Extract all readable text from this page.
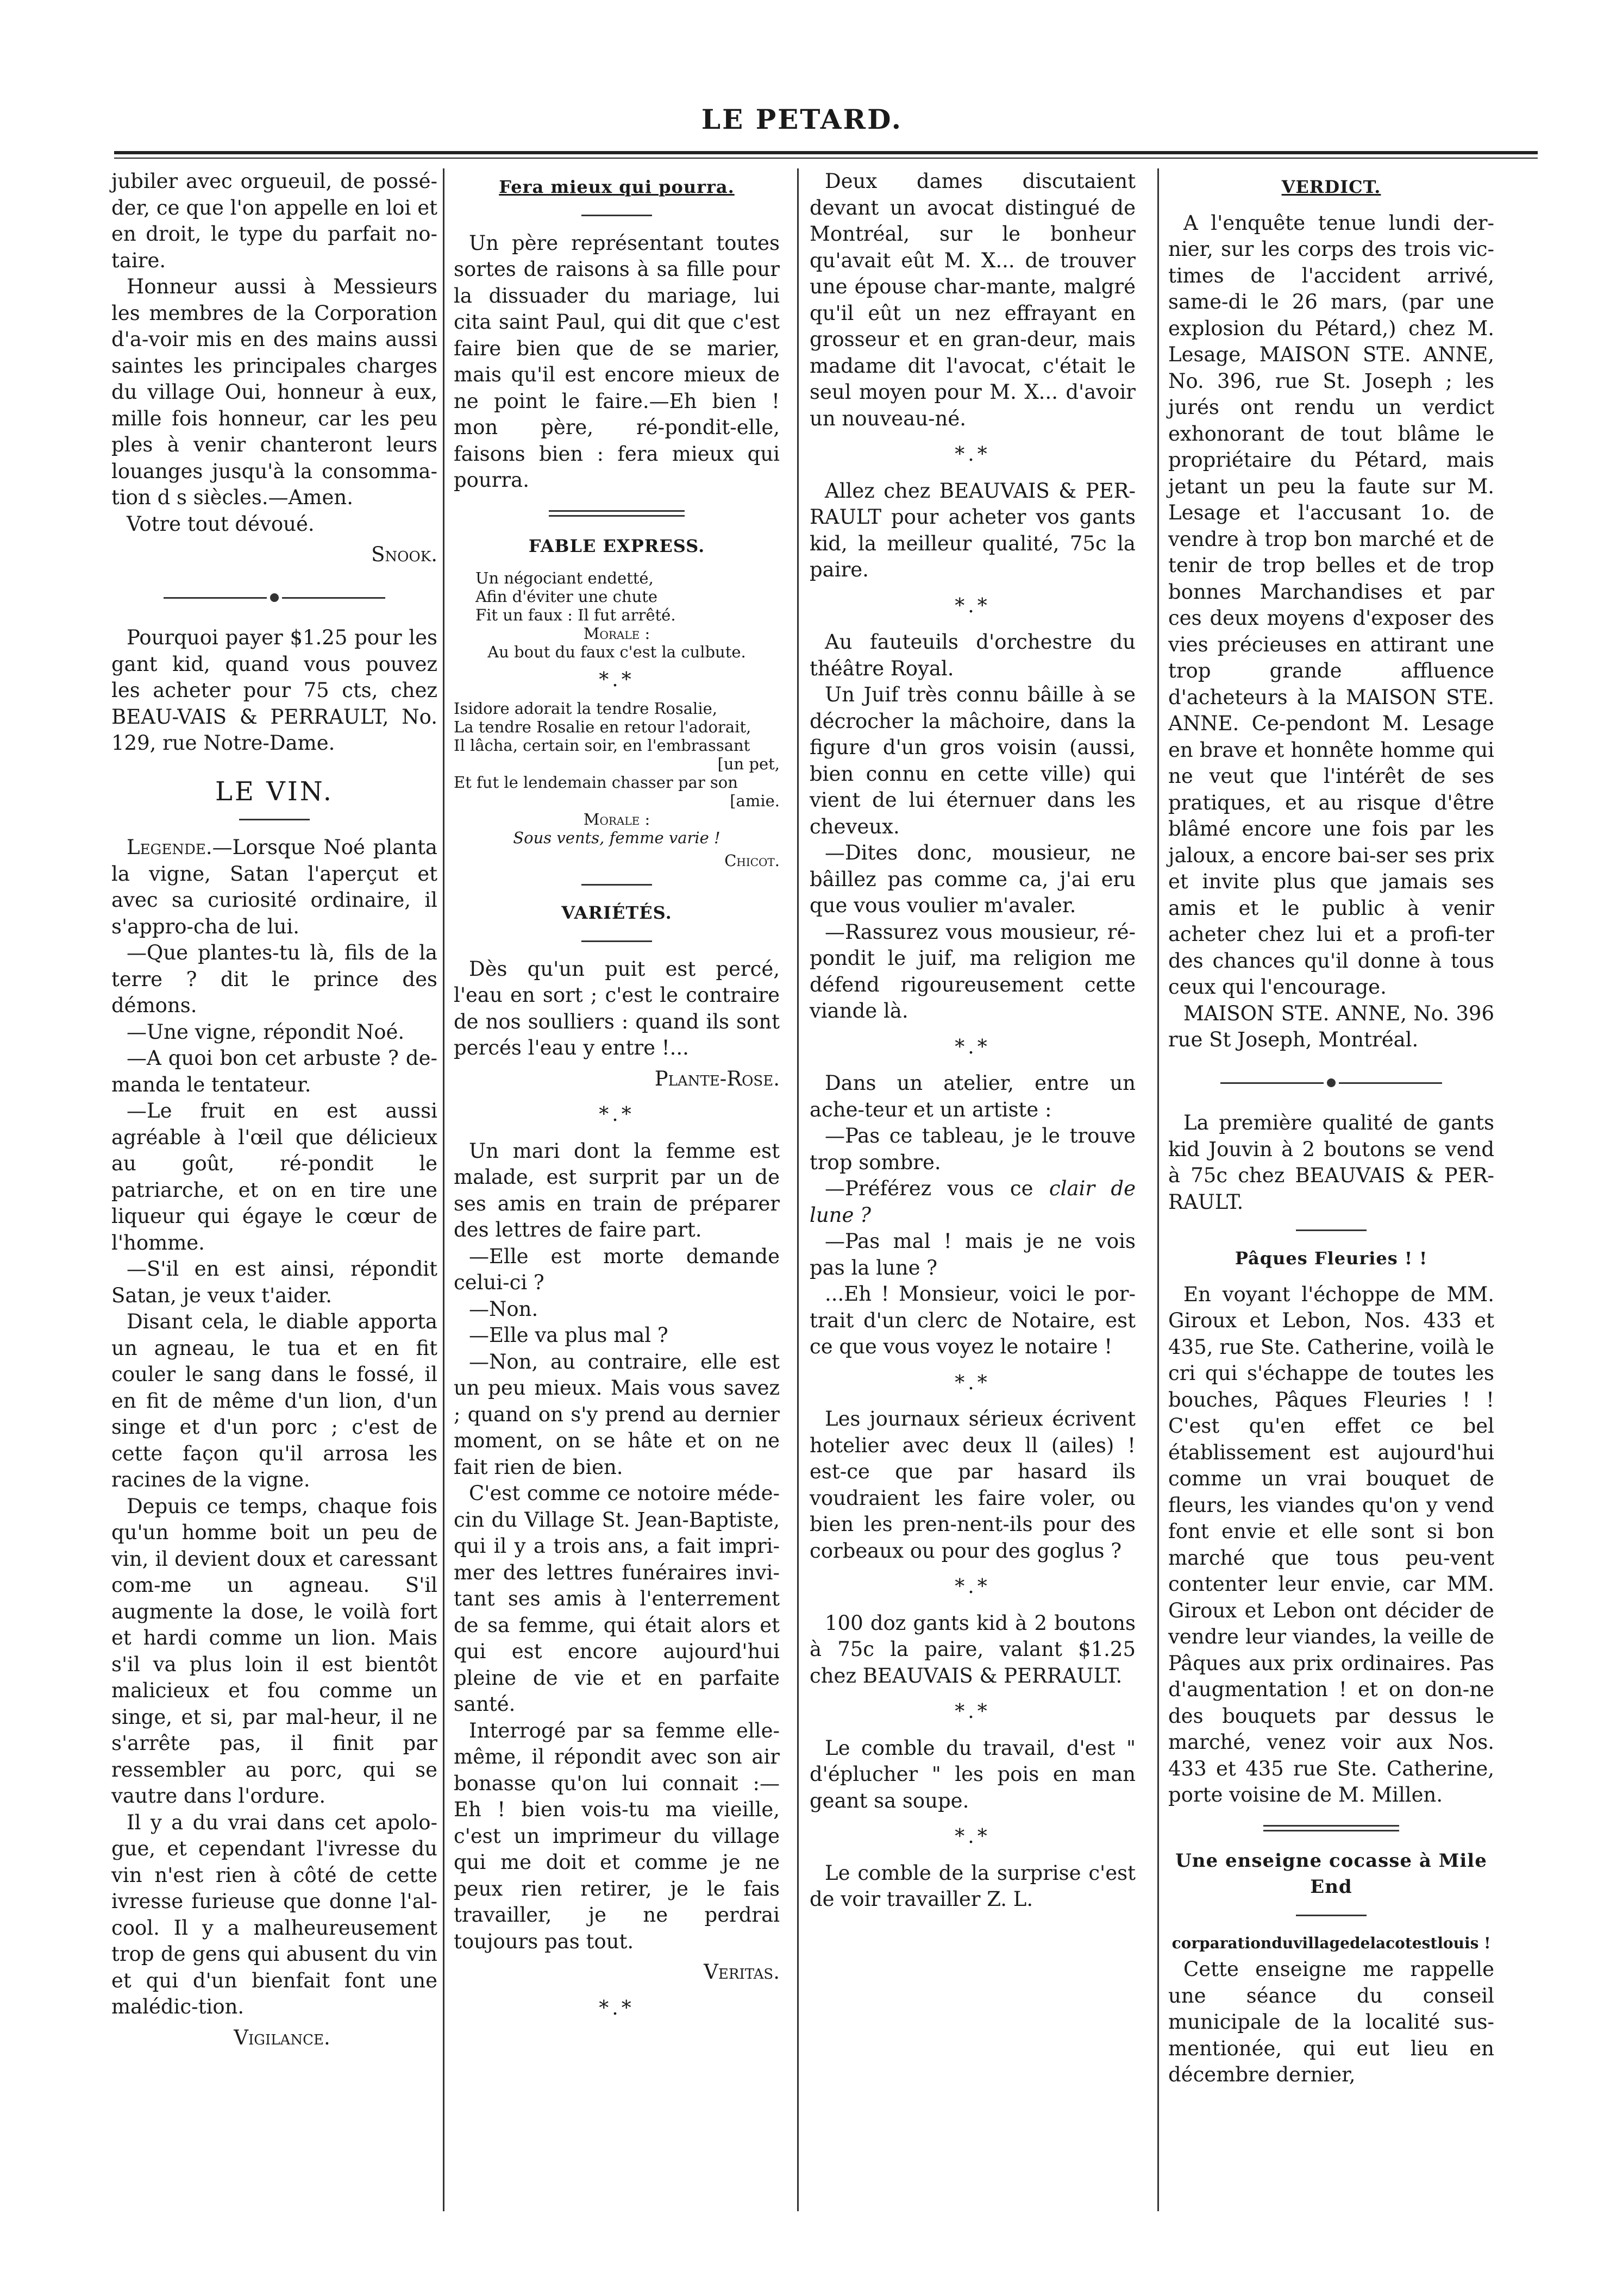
LE PETARD.

jubiler avec orgueuil, de possé-der, ce que l'on appelle en loi et en droit, le type du parfait no-taire.

Honneur aussi à Messieurs les membres de la Corporation d'a-voir mis en des mains aussi saintes les principales charges du village Oui, honneur à eux, mille fois honneur, car les peu ples à venir chanteront leurs louanges jusqu'à la consomma-tion d s siècles.—Amen.

Votre tout dévoué.

Snook.

Pourquoi payer $1.25 pour les gant kid, quand vous pouvez les acheter pour 75 cts, chez BEAU-VAIS & PERRAULT, No. 129, rue Notre-Dame.

LE VIN.

Legende.—Lorsque Noé planta la vigne, Satan l'aperçut et avec sa curiosité ordinaire, il s'appro-cha de lui.

—Que plantes-tu là, fils de la terre ? dit le prince des démons.

—Une vigne, répondit Noé.

—A quoi bon cet arbuste ? de-manda le tentateur.

—Le fruit en est aussi agréable à l'œil que délicieux au goût, ré-pondit le patriarche, et on en tire une liqueur qui égaye le cœur de l'homme.

—S'il en est ainsi, répondit Satan, je veux t'aider.

Disant cela, le diable apporta un agneau, le tua et en fit couler le sang dans le fossé, il en fit de même d'un lion, d'un singe et d'un porc ; c'est de cette façon qu'il arrosa les racines de la vigne.

Depuis ce temps, chaque fois qu'un homme boit un peu de vin, il devient doux et caressant com-me un agneau. S'il augmente la dose, le voilà fort et hardi comme un lion. Mais s'il va plus loin il est bientôt malicieux et fou comme un singe, et si, par mal-heur, il ne s'arrête pas, il finit par ressembler au porc, qui se vautre dans l'ordure.

Il y a du vrai dans cet apolo-gue, et cependant l'ivresse du vin n'est rien à côté de cette ivresse furieuse que donne l'al-cool. Il y a malheureusement trop de gens qui abusent du vin et qui d'un bienfait font une malédic-tion.

Vigilance.

Fera mieux qui pourra.

Un père représentant toutes sortes de raisons à sa fille pour la dissuader du mariage, lui cita saint Paul, qui dit que c'est faire bien que de se marier, mais qu'il est encore mieux de ne point le faire.—Eh bien ! mon père, ré-pondit-elle, faisons bien : fera mieux qui pourra.

FABLE EXPRESS.

Un négociant endetté,

Afin d'éviter une chute

Fit un faux : Il fut arrêté.

Morale :

Au bout du faux c'est la culbute.

*.*

Isidore adorait la tendre Rosalie,

La tendre Rosalie en retour l'adorait,

Il lâcha, certain soir, en l'embrassant

[un pet,

Et fut le lendemain chasser par son

[amie.

Morale :

Sous vents, femme varie !

Chicot.

VARIÉTÉS.

Dès qu'un puit est percé, l'eau en sort ; c'est le contraire de nos soulliers : quand ils sont percés l'eau y entre !...

Plante-Rose.

*.*

Un mari dont la femme est malade, est surprit par un de ses amis en train de préparer des lettres de faire part.

—Elle est morte demande celui-ci ?

—Non.

—Elle va plus mal ?

—Non, au contraire, elle est un peu mieux. Mais vous savez ; quand on s'y prend au dernier moment, on se hâte et on ne fait rien de bien.

C'est comme ce notoire méde-cin du Village St. Jean-Baptiste, qui il y a trois ans, a fait impri-mer des lettres funéraires invi-tant ses amis à l'enterrement de sa femme, qui était alors et qui est encore aujourd'hui pleine de vie et en parfaite santé.

Interrogé par sa femme elle-même, il répondit avec son air bonasse qu'on lui connait :— Eh ! bien vois-tu ma vieille, c'est un imprimeur du village qui me doit et comme je ne peux rien retirer, je le fais travailler, je ne perdrai toujours pas tout.

Veritas.

*.*

Deux dames discutaient devant un avocat distingué de Montréal, sur le bonheur qu'avait eût M. X... de trouver une épouse char-mante, malgré qu'il eût un nez effrayant en grosseur et en gran-deur, mais madame dit l'avocat, c'était le seul moyen pour M. X... d'avoir un nouveau-né.

*.*

Allez chez BEAUVAIS & PER-RAULT pour acheter vos gants kid, la meilleur qualité, 75c la paire.

*.*

Au fauteuils d'orchestre du théâtre Royal.

Un Juif très connu bâille à se décrocher la mâchoire, dans la figure d'un gros voisin (aussi, bien connu en cette ville) qui vient de lui éternuer dans les cheveux.

—Dites donc, mousieur, ne bâillez pas comme ca, j'ai eru que vous voulier m'avaler.

—Rassurez vous mousieur, ré-pondit le juif, ma religion me défend rigoureusement cette viande là.

*.*

Dans un atelier, entre un ache-teur et un artiste :

—Pas ce tableau, je le trouve trop sombre.

—Préférez vous ce clair de lune ?

—Pas mal ! mais je ne vois pas la lune ?

...Eh ! Monsieur, voici le por-trait d'un clerc de Notaire, est ce que vous voyez le notaire !

*.*

Les journaux sérieux écrivent hotelier avec deux ll (ailes) ! est-ce que par hasard ils voudraient les faire voler, ou bien les pren-nent-ils pour des corbeaux ou pour des goglus ?

*.*

100 doz gants kid à 2 boutons à 75c la paire, valant $1.25 chez BEAUVAIS & PERRAULT.

*.*

Le comble du travail, d'est " d'éplucher " les pois en man geant sa soupe.

*.*

Le comble de la surprise c'est de voir travailler Z. L.

VERDICT.

A l'enquête tenue lundi der-nier, sur les corps des trois vic-times de l'accident arrivé, same-di le 26 mars, (par une explosion du Pétard,) chez M. Lesage, MAISON STE. ANNE, No. 396, rue St. Joseph ; les jurés ont rendu un verdict exhonorant de tout blâme le propriétaire du Pétard, mais jetant un peu la faute sur M. Lesage et l'accusant 1o. de vendre à trop bon marché et de tenir de trop belles et de trop bonnes Marchandises et par ces deux moyens d'exposer des vies précieuses en attirant une trop grande affluence d'acheteurs à la MAISON STE. ANNE. Ce-pendont M. Lesage en brave et honnête homme qui ne veut que l'intérêt de ses pratiques, et au risque d'être blâmé encore une fois par les jaloux, a encore bai-ser ses prix et invite plus que jamais ses amis et le public à venir acheter chez lui et a profi-ter des chances qu'il donne à tous ceux qui l'encourage.

MAISON STE. ANNE, No. 396 rue St Joseph, Montréal.

La première qualité de gants kid Jouvin à 2 boutons se vend à 75c chez BEAUVAIS & PER-RAULT.

Pâques Fleuries ! !

En voyant l'échoppe de MM. Giroux et Lebon, Nos. 433 et 435, rue Ste. Catherine, voilà le cri qui s'échappe de toutes les bouches, Pâques Fleuries ! ! C'est qu'en effet ce bel établissement est aujourd'hui comme un vrai bouquet de fleurs, les viandes qu'on y vend font envie et elle sont si bon marché que tous peu-vent contenter leur envie, car MM. Giroux et Lebon ont décider de vendre leur viandes, la veille de Pâques aux prix ordinaires. Pas d'augmentation ! et on don-ne des bouquets par dessus le marché, venez voir aux Nos. 433 et 435 rue Ste. Catherine, porte voisine de M. Millen.

Une enseigne cocasse à Mile End

corparationduvillagedelacotestlouis !

Cette enseigne me rappelle une séance du conseil municipale de la localité sus-mentionée, qui eut lieu en décembre dernier,
